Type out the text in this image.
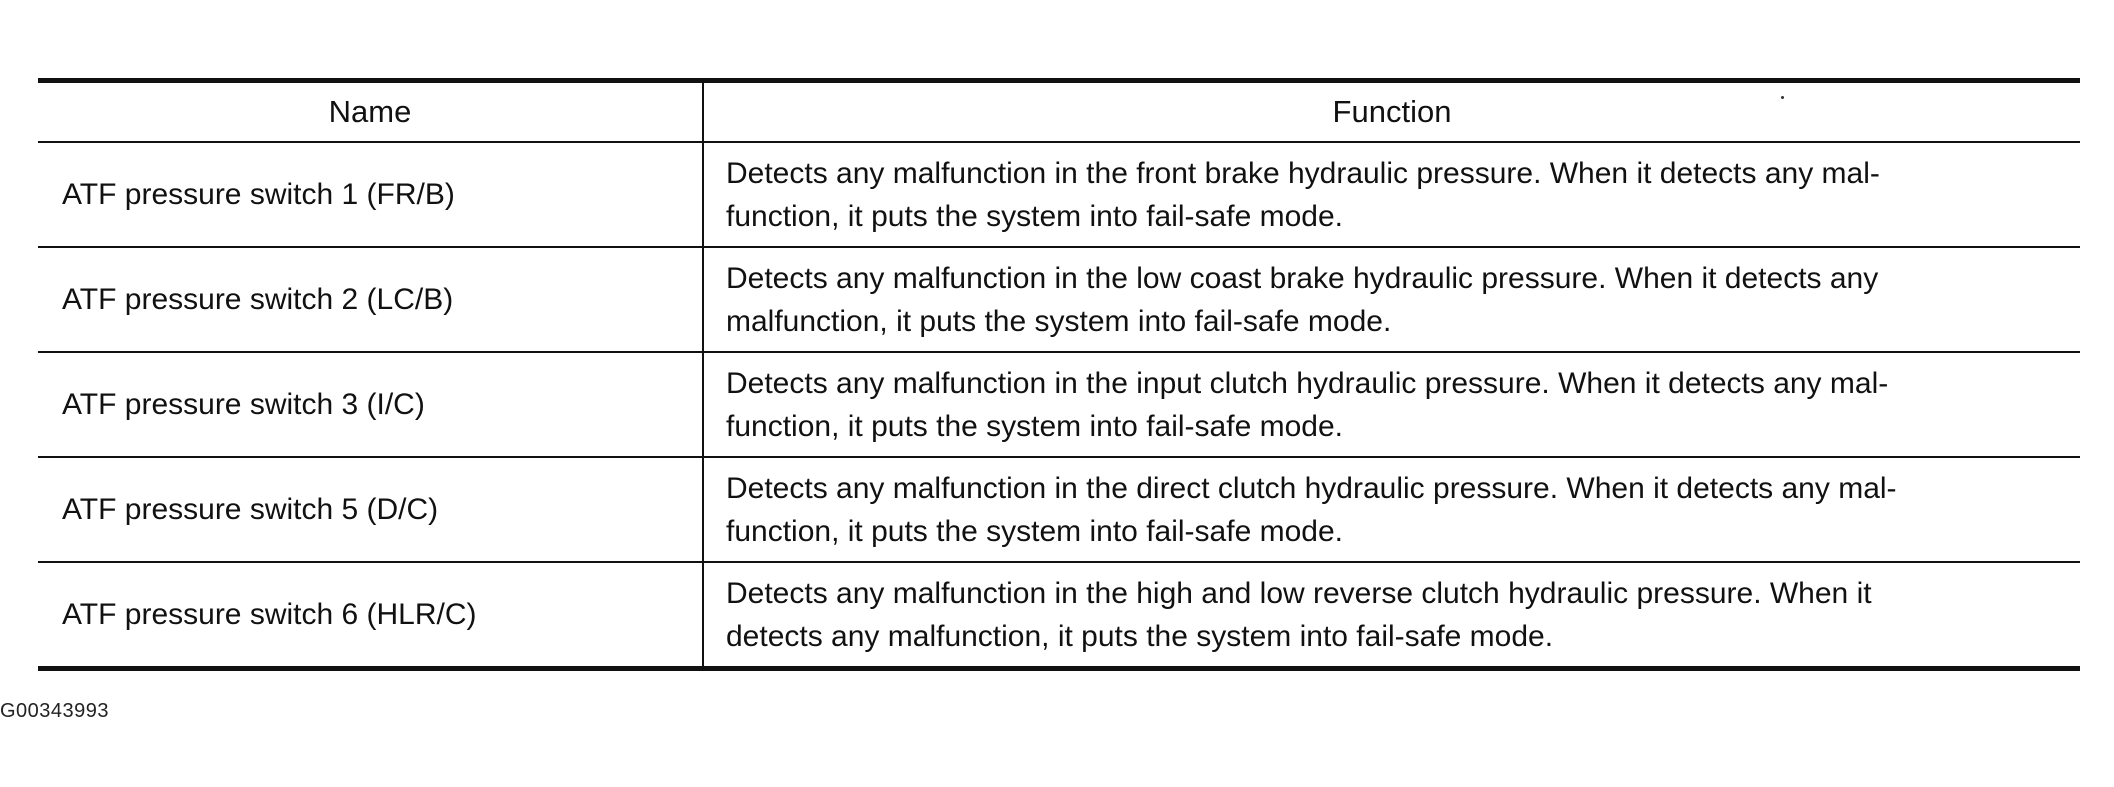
Name	Function
ATF pressure switch 1 (FR/B)	Detects any malfunction in the front brake hydraulic pressure. When it detects any mal-
function, it puts the system into fail-safe mode.
ATF pressure switch 2 (LC/B)	Detects any malfunction in the low coast brake hydraulic pressure. When it detects any
malfunction, it puts the system into fail-safe mode.
ATF pressure switch 3 (I/C)	Detects any malfunction in the input clutch hydraulic pressure. When it detects any mal-
function, it puts the system into fail-safe mode.
ATF pressure switch 5 (D/C)	Detects any malfunction in the direct clutch hydraulic pressure. When it detects any mal-
function, it puts the system into fail-safe mode.
ATF pressure switch 6 (HLR/C)	Detects any malfunction in the high and low reverse clutch hydraulic pressure. When it
detects any malfunction, it puts the system into fail-safe mode.
G00343993
